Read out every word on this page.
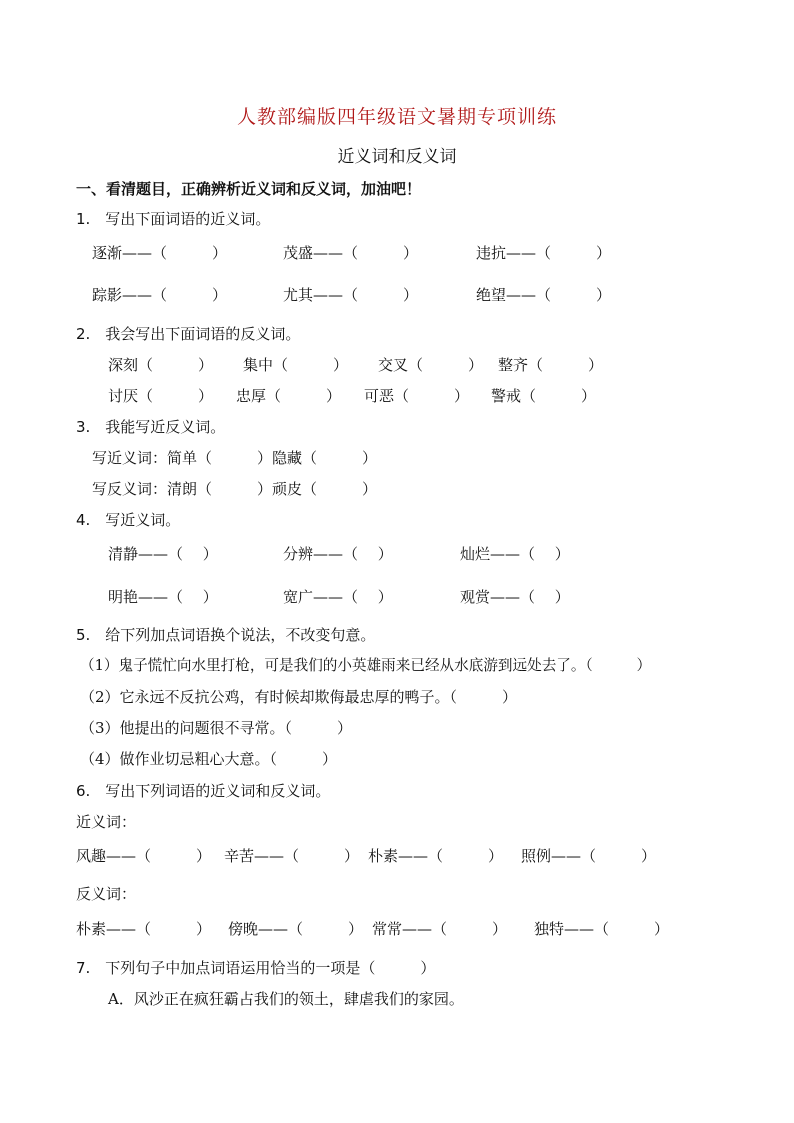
人教部编版四年级语文暑期专项训练
近义词和反义词
一、看清题目，正确辨析近义词和反义词，加油吧！
1.　写出下面词语的近义词。
逐渐——（　　　）	茂盛——（　　　）	违抗——（　　　）
踪影——（　　　）	尤其——（　　　）	绝望——（　　　）
2.　我会写出下面词语的反义词。
深刻（　　　） 集中（　　　） 交叉（　　　） 整齐（　　　）
讨厌（　　　） 忠厚（　　　） 可恶（　　　） 警戒（　　　）
3.　我能写近反义词。
写近义词：简单（　　　）隐藏（　　　）
写反义词：清朗（　　　）顽皮（　　　）
4.　写近义词。
清静——（　 ）	分辨——（　 ）	灿烂——（　 ）
明艳——（　 ）	宽广——（　 ）	观赏——（　 ）
5.　给下列加点词语换个说法，不改变句意。
（1）鬼子慌忙向水里打枪，可是我们的小英雄雨来已经从水底游到远处去了。（　　　）
（2）它永远不反抗公鸡，有时候却欺侮最忠厚的鸭子。（　　　）
（3）他提出的问题很不寻常。（　　　）
（4）做作业切忌粗心大意。（　　　）
6.　写出下列词语的近义词和反义词。
近义词：
风趣——（　　　） 辛苦——（　　　） 朴素——（　　　） 照例——（　　　）
反义词：
朴素——（　　　） 傍晚——（　　　） 常常——（　　　） 独特——（　　　）
7.　下列句子中加点词语运用恰当的一项是（　　　）
A．风沙正在疯狂霸占我们的领土，肆虐我们的家园。
